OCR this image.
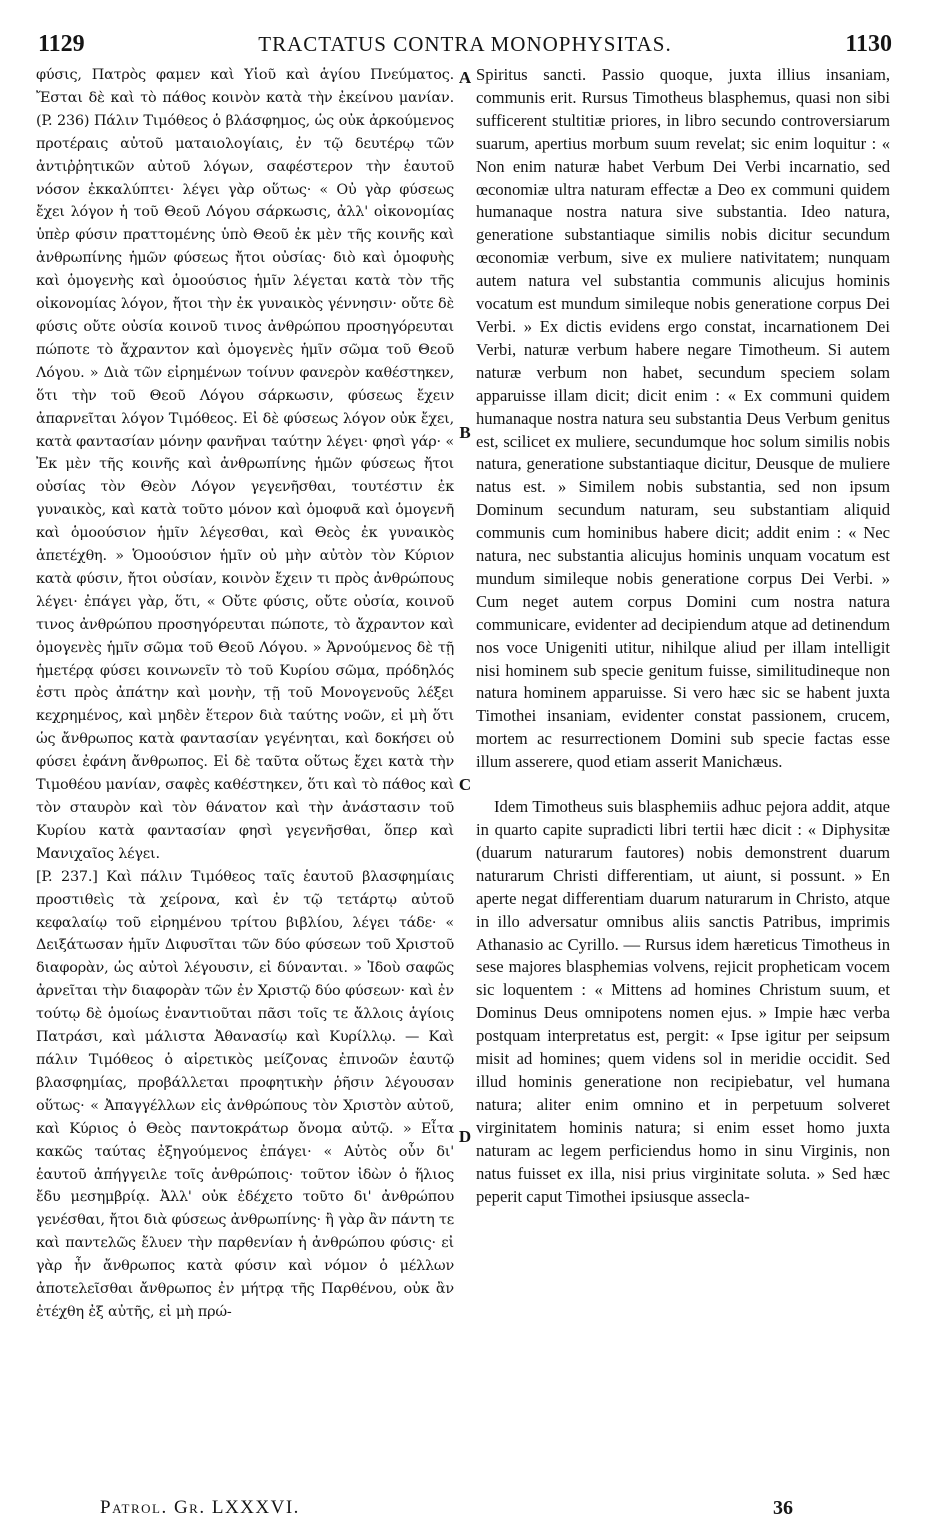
1129	TRACTATUS CONTRA MONOPHYSITAS.	1130

φύσις, Πατρὸς φαμεν καὶ Υἱοῦ καὶ ἁγίου Πνεύματος. Ἔσται δὲ καὶ τὸ πάθος κοινὸν κατὰ τὴν ἐκείνου μανίαν. (P. 236) Πάλιν Τιμόθεος ὁ βλάσφημος, ὡς οὐκ ἀρκούμενος προτέραις αὐτοῦ ματαιολογίαις, ἐν τῷ δευτέρῳ τῶν ἀντιῤῥητικῶν αὐτοῦ λόγων, σαφέστερον τὴν ἑαυτοῦ νόσον ἐκκαλύπτει· λέγει γὰρ οὕτως· « Οὐ γὰρ φύσεως ἔχει λόγον ἡ τοῦ Θεοῦ Λόγου σάρκωσις, ἀλλ' οἰκονομίας ὑπὲρ φύσιν πραττομένης ὑπὸ Θεοῦ ἐκ μὲν τῆς κοινῆς καὶ ἀνθρωπίνης ἡμῶν φύσεως ἤτοι οὐσίας· διὸ καὶ ὁμοφυὴς καὶ ὁμογενὴς καὶ ὁμοούσιος ἡμῖν λέγεται κατὰ τὸν τῆς οἰκονομίας λόγον, ἤτοι τὴν ἐκ γυναικὸς γέννησιν· οὔτε δὲ φύσις οὔτε οὐσία κοινοῦ τινος ἀνθρώπου προσηγόρευται πώποτε τὸ ἄχραντον καὶ ὁμογενὲς ἡμῖν σῶμα τοῦ Θεοῦ Λόγου. » Διὰ τῶν εἰρημένων τοίνυν φανερὸν καθέστηκεν, ὅτι τὴν τοῦ Θεοῦ Λόγου σάρκωσιν, φύσεως ἔχειν ἀπαρνεῖται λόγον Τιμόθεος. Εἰ δὲ φύσεως λόγον οὐκ ἔχει, κατὰ φαντασίαν μόνην φανῆναι ταύτην λέγει· φησὶ γάρ· « Ἐκ μὲν τῆς κοινῆς καὶ ἀνθρωπίνης ἡμῶν φύσεως ἤτοι οὐσίας τὸν Θεὸν Λόγον γεγενῆσθαι, τουτέστιν ἐκ γυναικὸς, καὶ κατὰ τοῦτο μόνον καὶ ὁμοφυᾶ καὶ ὁμογενῆ καὶ ὁμοούσιον ἡμῖν λέγεσθαι, καὶ Θεὸς ἐκ γυναικὸς ἀπετέχθη. » Ὁμοούσιον ἡμῖν οὐ μὴν αὐτὸν τὸν Κύριον κατὰ φύσιν, ἤτοι οὐσίαν, κοινὸν ἔχειν τι πρὸς ἀνθρώπους λέγει· ἐπάγει γὰρ, ὅτι, « Οὔτε φύσις, οὔτε οὐσία, κοινοῦ τινος ἀνθρώπου προσηγόρευται πώποτε, τὸ ἄχραντον καὶ ὁμογενὲς ἡμῖν σῶμα τοῦ Θεοῦ Λόγου. » Ἀρνούμενος δὲ τῇ ἡμετέρᾳ φύσει κοινωνεῖν τὸ τοῦ Κυρίου σῶμα, πρόδηλός ἐστι πρὸς ἀπάτην καὶ μονὴν, τῇ τοῦ Μονογενοῦς λέξει κεχρημένος, καὶ μηδὲν ἕτερον διὰ ταύτης νοῶν, εἰ μὴ ὅτι ὡς ἄνθρωπος κατὰ φαντασίαν γεγένηται, καὶ δοκήσει οὐ φύσει ἐφάνη ἄνθρωπος. Εἰ δὲ ταῦτα οὕτως ἔχει κατὰ τὴν Τιμοθέου μανίαν, σαφὲς καθέστηκεν, ὅτι καὶ τὸ πάθος καὶ τὸν σταυρὸν καὶ τὸν θάνατον καὶ τὴν ἀνάστασιν τοῦ Κυρίου κατὰ φαντασίαν φησὶ γεγενῆσθαι, ὅπερ καὶ Μανιχαῖος λέγει.

[P. 237.] Καὶ πάλιν Τιμόθεος ταῖς ἑαυτοῦ βλασφημίαις προστιθεὶς τὰ χείρονα, καὶ ἐν τῷ τετάρτῳ αὐτοῦ κεφαλαίῳ τοῦ εἰρημένου τρίτου βιβλίου, λέγει τάδε· « Δειξάτωσαν ἡμῖν Διφυσῖται τῶν δύο φύσεων τοῦ Χριστοῦ διαφορὰν, ὡς αὐτοὶ λέγουσιν, εἰ δύνανται. » Ἰδοὺ σαφῶς ἀρνεῖται τὴν διαφορὰν τῶν ἐν Χριστῷ δύο φύσεων· καὶ ἐν τούτῳ δὲ ὁμοίως ἐναντιοῦται πᾶσι τοῖς τε ἄλλοις ἁγίοις Πατράσι, καὶ μάλιστα Ἀθανασίῳ καὶ Κυρίλλῳ. — Καὶ πάλιν Τιμόθεος ὁ αἱρετικὸς μείζονας ἐπινοῶν ἑαυτῷ βλασφημίας, προβάλλεται προφητικὴν ῥῆσιν λέγουσαν οὕτως· « Ἀπαγγέλλων εἰς ἀνθρώπους τὸν Χριστὸν αὐτοῦ, καὶ Κύριος ὁ Θεὸς παντοκράτωρ ὄνομα αὐτῷ. » Εἶτα κακῶς ταύτας ἐξηγούμενος ἐπάγει· « Αὐτὸς οὖν δι' ἑαυτοῦ ἀπήγγειλε τοῖς ἀνθρώποις· τοῦτον ἰδὼν ὁ ἥλιος ἔδυ μεσημβρίᾳ. Ἀλλ' οὐκ ἐδέχετο τοῦτο δι' ἀνθρώπου γενέσθαι, ἤτοι διὰ φύσεως ἀνθρωπίνης· ἢ γὰρ ἂν πάντη τε καὶ παντελῶς ἔλυεν τὴν παρθενίαν ἡ ἀνθρώπου φύσις· εἰ γὰρ ἦν ἄνθρωπος κατὰ φύσιν καὶ νόμον ὁ μέλλων ἀποτελεῖσθαι ἄνθρωπος ἐν μήτρᾳ τῆς Παρθένου, οὐκ ἂν ἐτέχθη ἐξ αὐτῆς, εἰ μὴ πρώ-

A
B
C
D

Spiritus sancti. Passio quoque, juxta illius insaniam, communis erit. Rursus Timotheus blasphemus, quasi non sibi sufficerent stultitiæ priores, in libro secundo controversiarum suarum, apertius morbum suum revelat; sic enim loquitur : « Non enim naturæ habet Verbum Dei Verbi incarnatio, sed œconomiæ ultra naturam effectæ a Deo ex communi quidem humanaque nostra natura sive substantia. Ideo natura, generatione substantiaque similis nobis dicitur secundum œconomiæ verbum, sive ex muliere nativitatem; nunquam autem natura vel substantia communis alicujus hominis vocatum est mundum simileque nobis generatione corpus Dei Verbi. » Ex dictis evidens ergo constat, incarnationem Dei Verbi, naturæ verbum habere negare Timotheum. Si autem naturæ verbum non habet, secundum speciem solam apparuisse illam dicit; dicit enim : « Ex communi quidem humanaque nostra natura seu substantia Deus Verbum genitus est, scilicet ex muliere, secundumque hoc solum similis nobis natura, generatione substantiaque dicitur, Deusque de muliere natus est. » Similem nobis substantia, sed non ipsum Dominum secundum naturam, seu substantiam aliquid communis cum hominibus habere dicit; addit enim : « Nec natura, nec substantia alicujus hominis unquam vocatum est mundum simileque nobis generatione corpus Dei Verbi. » Cum neget autem corpus Domini cum nostra natura communicare, evidenter ad decipiendum atque ad detinendum nos voce Unigeniti utitur, nihilque aliud per illam intelligit nisi hominem sub specie genitum fuisse, similitudineque non natura hominem apparuisse. Si vero hæc sic se habent juxta Timothei insaniam, evidenter constat passionem, crucem, mortem ac resurrectionem Domini sub specie factas esse illum asserere, quod etiam asserit Manichæus.

Idem Timotheus suis blasphemiis adhuc pejora addit, atque in quarto capite supradicti libri tertii hæc dicit : « Diphysitæ (duarum naturarum fautores) nobis demonstrent duarum naturarum Christi differentiam, ut aiunt, si possunt. » En aperte negat differentiam duarum naturarum in Christo, atque in illo adversatur omnibus aliis sanctis Patribus, imprimis Athanasio ac Cyrillo. — Rursus idem hæreticus Timotheus in sese majores blasphemias volvens, rejicit propheticam vocem sic loquentem : « Mittens ad homines Christum suum, et Dominus Deus omnipotens nomen ejus. » Impie hæc verba postquam interpretatus est, pergit: « Ipse igitur per seipsum misit ad homines; quem videns sol in meridie occidit. Sed illud hominis generatione non recipiebatur, vel humana natura; aliter enim omnino et in perpetuum solveret virginitatem hominis natura; si enim esset homo juxta naturam ac legem perficiendus homo in sinu Virginis, non natus fuisset ex illa, nisi prius virginitate soluta. » Sed hæc peperit caput Timothei ipsiusque assecla-

Patrol. Gr. LXXXVI.	36
